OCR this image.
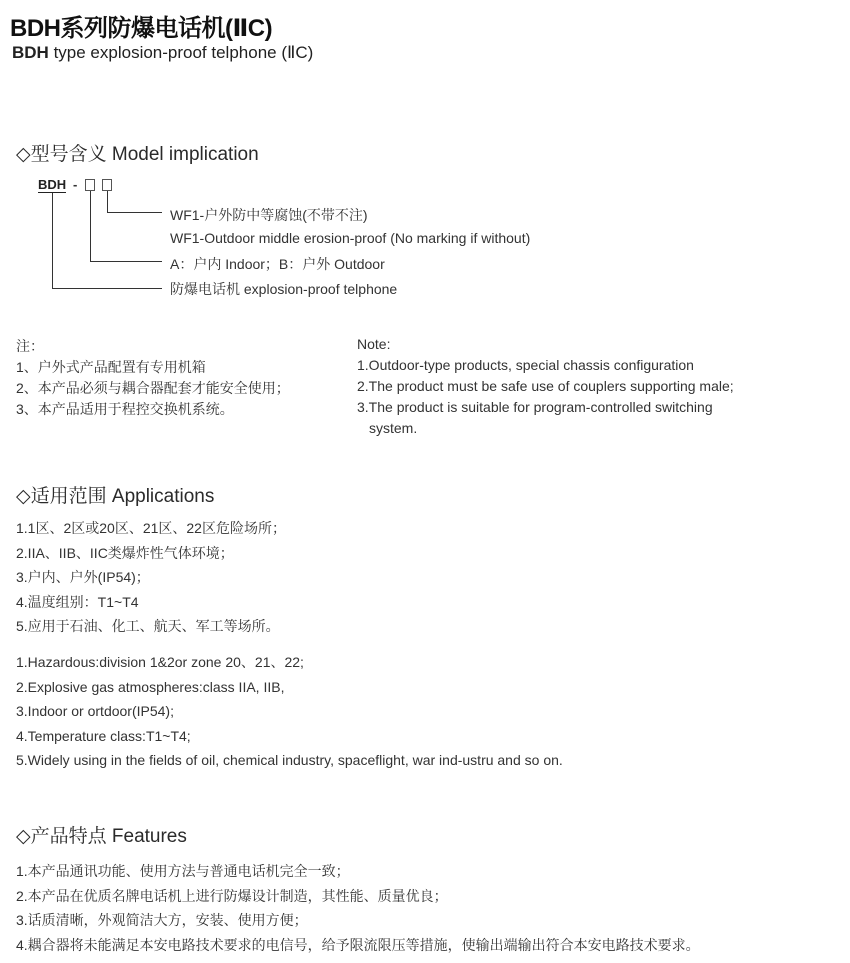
BDH系列防爆电话机(ⅡC)
BDH type explosion-proof telphone (ⅡC)
◇型号含义 Model implication
BDH -
WF1-户外防中等腐蚀(不带不注)
WF1-Outdoor middle erosion-proof (No marking if without)
A：户内 Indoor；B：户外 Outdoor
防爆电话机 explosion-proof telphone
注：
1、户外式产品配置有专用机箱
2、本产品必须与耦合器配套才能安全使用；
3、本产品适用于程控交换机系统。
Note:
1.Outdoor-type products, special chassis configuration
2.The product must be safe use of couplers supporting male;
3.The product is suitable for program-controlled switching
system.
◇适用范围 Applications
1.1区、2区或20区、21区、22区危险场所；
2.IIA、IIB、IIC类爆炸性气体环境；
3.户内、户外(IP54)；
4.温度组别：T1~T4
5.应用于石油、化工、航天、军工等场所。
1.Hazardous:division 1&2or zone 20、21、22;
2.Explosive gas atmospheres:class IIA, IIB,
3.Indoor or ortdoor(IP54);
4.Temperature class:T1~T4;
5.Widely using in the fields of oil, chemical industry, spaceflight, war ind-ustru and so on.
◇产品特点 Features
1.本产品通讯功能、使用方法与普通电话机完全一致；
2.本产品在优质名牌电话机上进行防爆设计制造，其性能、质量优良；
3.话质清晰，外观简洁大方，安装、使用方便；
4.耦合器将未能满足本安电路技术要求的电信号，给予限流限压等措施，使输出端输出符合本安电路技术要求。
